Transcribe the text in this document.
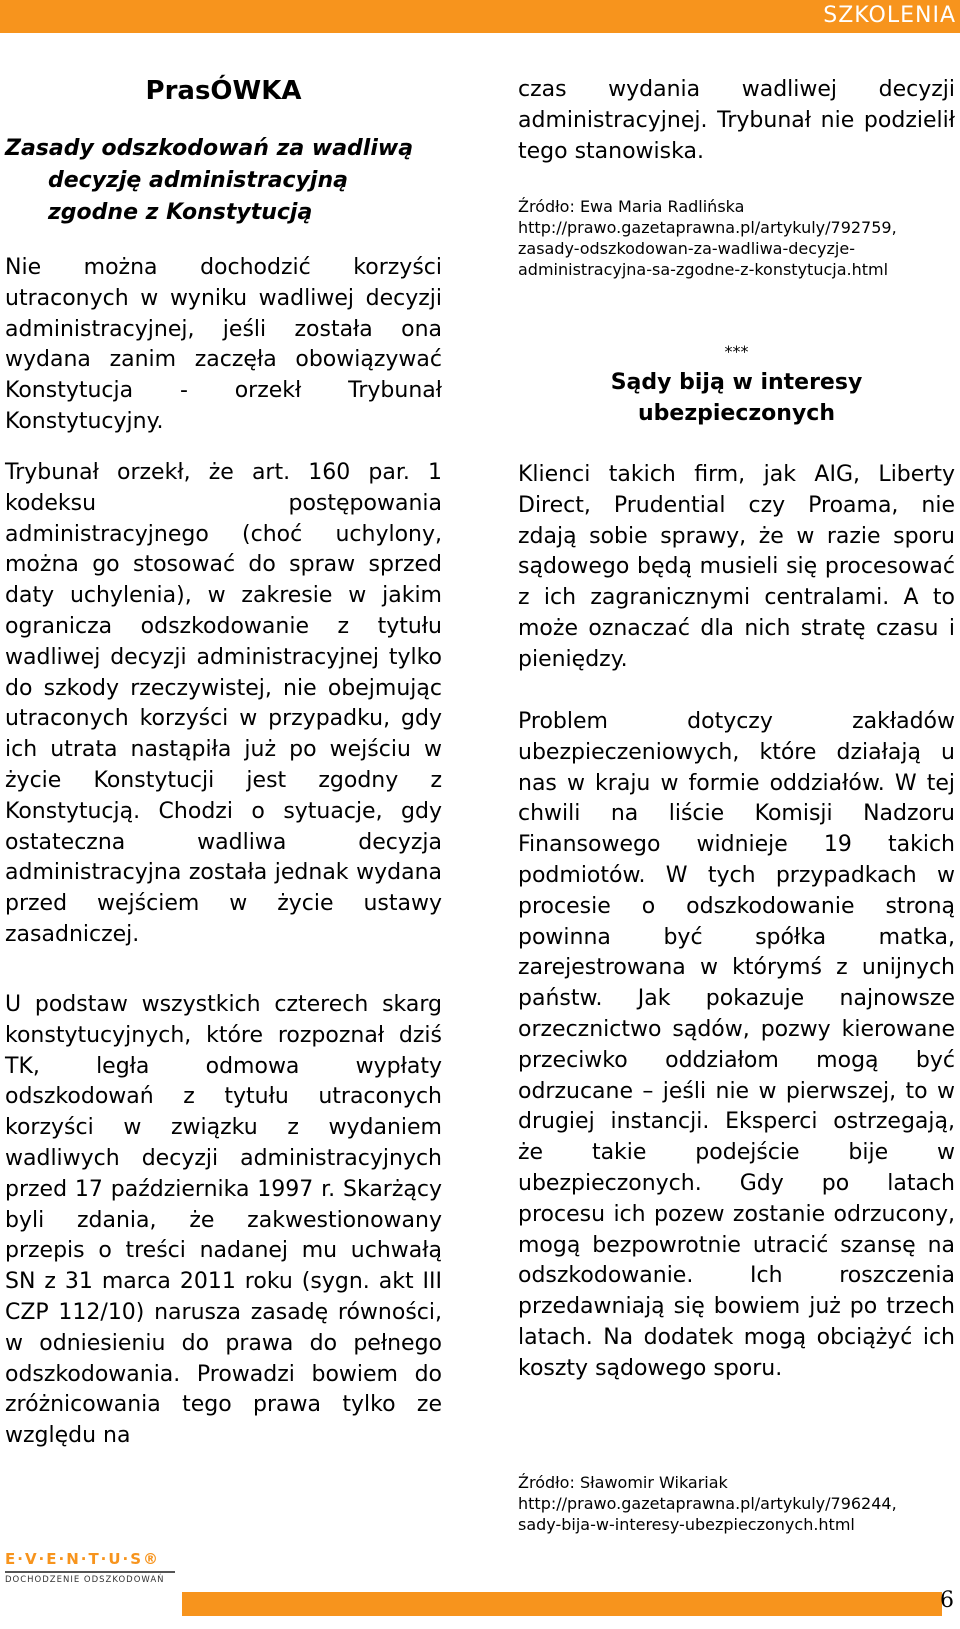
SZKOLENIA
PrasÓWKA
Zasady odszkodowań za wadliwą
decyzję administracyjną
zgodne z Konstytucją

Nie można dochodzić korzyści utraconych w wyniku wadliwej decyzji administracyjnej, jeśli została ona wydana zanim zaczęła obowiązywać Konstytucja - orzekł Trybunał Konstytucyjny.

Trybunał orzekł, że art. 160 par. 1 kodeksu postępowania administracyjnego (choć uchylony, można go stosować do spraw sprzed daty uchylenia), w zakresie w jakim ogranicza odszkodowanie z tytułu wadliwej decyzji administracyjnej tylko do szkody rzeczywistej, nie obejmując utraconych korzyści w przypadku, gdy ich utrata nastąpiła już po wejściu w życie Konstytucji jest zgodny z Konstytucją. Chodzi o sytuacje, gdy ostateczna wadliwa decyzja administracyjna została jednak wydana przed wejściem w życie ustawy zasadniczej.

U podstaw wszystkich czterech skarg konstytucyjnych, które rozpoznał dziś TK, legła odmowa wypłaty odszkodowań z tytułu utraconych korzyści w związku z wydaniem wadliwych decyzji administracyjnych przed 17 października 1997 r. Skarżący byli zdania, że zakwestionowany przepis o treści nadanej mu uchwałą SN z 31 marca 2011 roku (sygn. akt III CZP 112/10) narusza zasadę równości, w odniesieniu do prawa do pełnego odszkodowania. Prowadzi bowiem do zróżnicowania tego prawa tylko ze względu na

czas wydania wadliwej decyzji administracyjnej. Trybunał nie podzielił tego stanowiska.

Źródło: Ewa Maria Radlińska

http://prawo.gazetaprawna.pl/artykuly/792759,

zasady-odszkodowan-za-wadliwa-decyzje-

administracyjna-sa-zgodne-z-konstytucja.html

***

Sądy biją w interesy
ubezpieczonych

Klienci takich firm, jak AIG, Liberty Direct, Prudential czy Proama, nie zdają sobie sprawy, że w razie sporu sądowego będą musieli się procesować z ich zagranicznymi centralami. A to może oznaczać dla nich stratę czasu i pieniędzy.

Problem dotyczy zakładów ubezpieczeniowych, które działają u nas w kraju w formie oddziałów. W tej chwili na liście Komisji Nadzoru Finansowego widnieje 19 takich podmiotów. W tych przypadkach w procesie o odszkodowanie stroną powinna być spółka matka, zarejestrowana w którymś z unijnych państw. Jak pokazuje najnowsze orzecznictwo sądów, pozwy kierowane przeciwko oddziałom mogą być odrzucane – jeśli nie w pierwszej, to w drugiej instancji. Eksperci ostrzegają, że takie podejście bije w ubezpieczonych. Gdy po latach procesu ich pozew zostanie odrzucony, mogą bezpowrotnie utracić szansę na odszkodowanie. Ich roszczenia przedawniają się bowiem już po trzech latach. Na dodatek mogą obciążyć ich koszty sądowego sporu.

Źródło: Sławomir Wikariak

http://prawo.gazetaprawna.pl/artykuly/796244,

sady-bija-w-interesy-ubezpieczonych.html

E·V·E·N·T·U·S®
DOCHODZENIE ODSZKODOWAŃ
6
